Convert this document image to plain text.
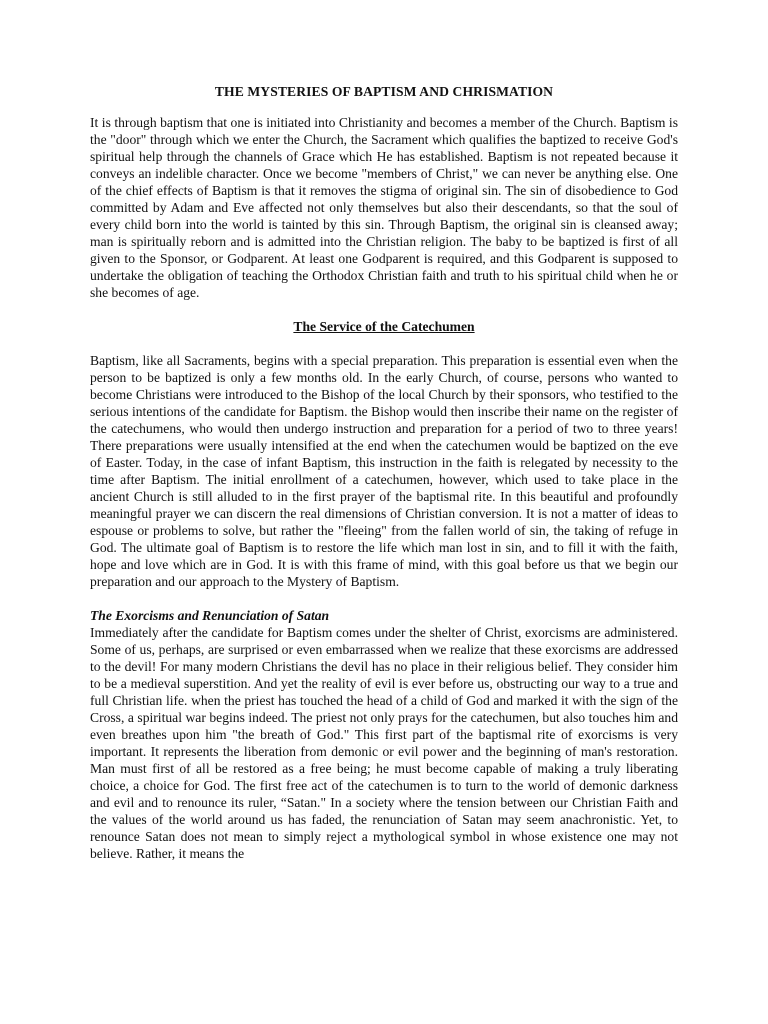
THE MYSTERIES OF BAPTISM AND CHRISMATION

It is through baptism that one is initiated into Christianity and becomes a member of the Church. Baptism is the "door" through which we enter the Church, the Sacrament which qualifies the baptized to receive God's spiritual help through the channels of Grace which He has established. Baptism is not repeated because it conveys an indelible character. Once we become "members of Christ," we can never be anything else. One of the chief effects of Baptism is that it removes the stigma of original sin. The sin of disobedience to God committed by Adam and Eve affected not only themselves but also their descendants, so that the soul of every child born into the world is tainted by this sin. Through Baptism, the original sin is cleansed away; man is spiritually reborn and is admitted into the Christian religion. The baby to be baptized is first of all given to the Sponsor, or Godparent. At least one Godparent is required, and this Godparent is supposed to undertake the obligation of teaching the Orthodox Christian faith and truth to his spiritual child when he or she becomes of age.

The Service of the Catechumen

Baptism, like all Sacraments, begins with a special preparation. This preparation is essential even when the person to be baptized is only a few months old. In the early Church, of course, persons who wanted to become Christians were introduced to the Bishop of the local Church by their sponsors, who testified to the serious intentions of the candidate for Baptism. the Bishop would then inscribe their name on the register of the catechumens, who would then undergo instruction and preparation for a period of two to three years! There preparations were usually intensified at the end when the catechumen would be baptized on the eve of Easter. Today, in the case of infant Baptism, this instruction in the faith is relegated by necessity to the time after Baptism. The initial enrollment of a catechumen, however, which used to take place in the ancient Church is still alluded to in the first prayer of the baptismal rite. In this beautiful and profoundly meaningful prayer we can discern the real dimensions of Christian conversion. It is not a matter of ideas to espouse or problems to solve, but rather the "fleeing" from the fallen world of sin, the taking of refuge in God. The ultimate goal of Baptism is to restore the life which man lost in sin, and to fill it with the faith, hope and love which are in God. It is with this frame of mind, with this goal before us that we begin our preparation and our approach to the Mystery of Baptism.

The Exorcisms and Renunciation of Satan

Immediately after the candidate for Baptism comes under the shelter of Christ, exorcisms are administered. Some of us, perhaps, are surprised or even embarrassed when we realize that these exorcisms are addressed to the devil! For many modern Christians the devil has no place in their religious belief. They consider him to be a medieval superstition. And yet the reality of evil is ever before us, obstructing our way to a true and full Christian life. when the priest has touched the head of a child of God and marked it with the sign of the Cross, a spiritual war begins indeed. The priest not only prays for the catechumen, but also touches him and even breathes upon him "the breath of God." This first part of the baptismal rite of exorcisms is very important. It represents the liberation from demonic or evil power and the beginning of man's restoration. Man must first of all be restored as a free being; he must become capable of making a truly liberating choice, a choice for God. The first free act of the catechumen is to turn to the world of demonic darkness and evil and to renounce its ruler, “Satan." In a society where the tension between our Christian Faith and the values of the world around us has faded, the renunciation of Satan may seem anachronistic. Yet, to renounce Satan does not mean to simply reject a mythological symbol in whose existence one may not believe. Rather, it means the
